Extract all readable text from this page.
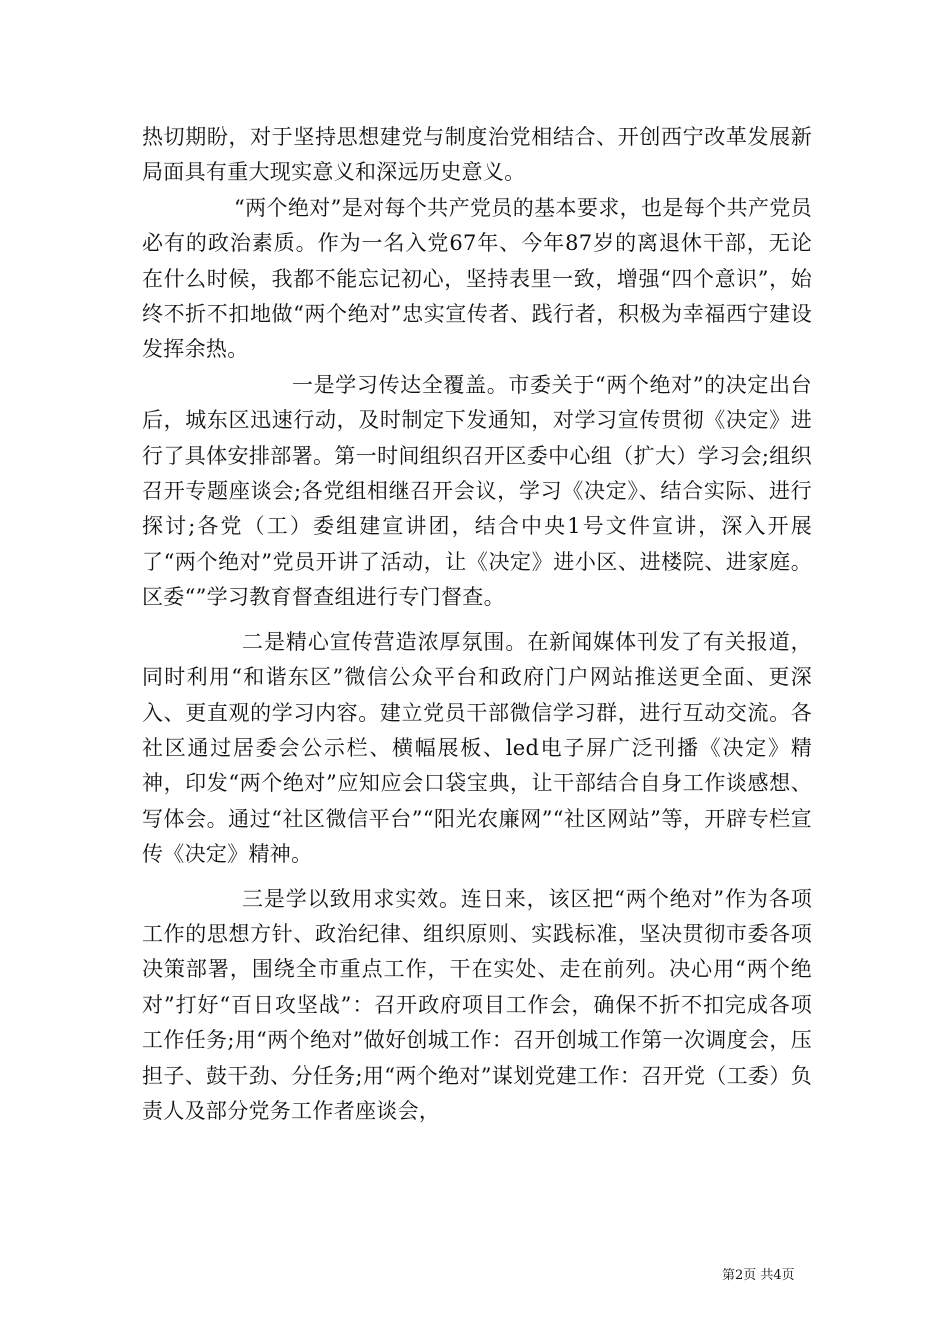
热切期盼，对于坚持思想建党与制度治党相结合、开创西宁改革发展新局面具有重大现实意义和深远历史意义。

“两个绝对”是对每个共产党员的基本要求，也是每个共产党员必有的政治素质。作为一名入党67年、今年87岁的离退休干部，无论在什么时候，我都不能忘记初心，坚持表里一致，增强“四个意识”，始终不折不扣地做“两个绝对”忠实宣传者、践行者，积极为幸福西宁建设发挥余热。

一是学习传达全覆盖。市委关于“两个绝对”的决定出台后，城东区迅速行动，及时制定下发通知，对学习宣传贯彻《决定》进行了具体安排部署。第一时间组织召开区委中心组（扩大）学习会;组织召开专题座谈会;各党组相继召开会议，学习《决定》、结合实际、进行探讨;各党（工）委组建宣讲团，结合中央1号文件宣讲，深入开展了“两个绝对”党员开讲了活动，让《决定》进小区、进楼院、进家庭。区委“”学习教育督查组进行专门督查。

二是精心宣传营造浓厚氛围。在新闻媒体刊发了有关报道，同时利用“和谐东区”微信公众平台和政府门户网站推送更全面、更深入、更直观的学习内容。建立党员干部微信学习群，进行互动交流。各社区通过居委会公示栏、横幅展板、led电子屏广泛刊播《决定》精神，印发“两个绝对”应知应会口袋宝典，让干部结合自身工作谈感想、写体会。通过“社区微信平台”“阳光农廉网”“社区网站”等，开辟专栏宣传《决定》精神。

三是学以致用求实效。连日来，该区把“两个绝对”作为各项工作的思想方针、政治纪律、组织原则、实践标准，坚决贯彻市委各项决策部署，围绕全市重点工作，干在实处、走在前列。决心用“两个绝对”打好“百日攻坚战”：召开政府项目工作会，确保不折不扣完成各项工作任务;用“两个绝对”做好创城工作：召开创城工作第一次调度会，压担子、鼓干劲、分任务;用“两个绝对”谋划党建工作：召开党（工委）负责人及部分党务工作者座谈会，

第2页 共4页
